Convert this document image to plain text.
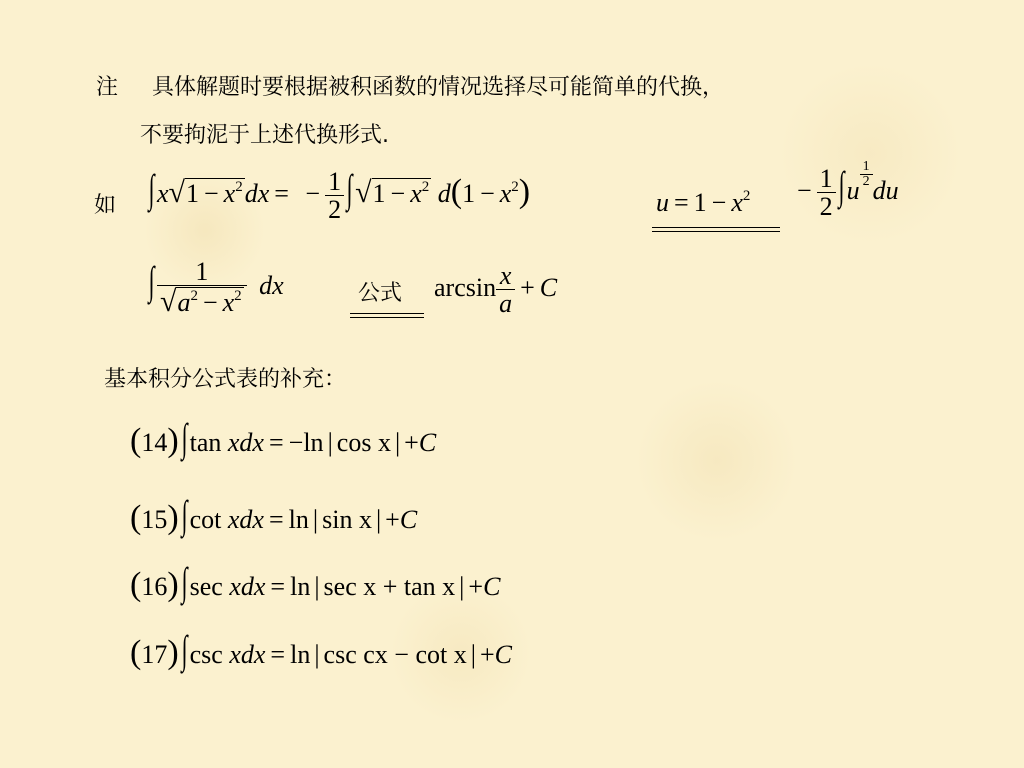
注 具体解题时要根据被积函数的情况选择尽可能简单的代换，
不要拘泥于上述代换形式.
如 $\int x√1 - x^2dx$ = − $\frac{1}{2} \int√1 - x^2$ $d(1 - x^2)$	$u = 1 - x^2 - \frac{1}{2} \int u$
$\frac{1}{2}$
du
∫ $\frac{1}{√a^2 - x^2}$ dx	公式 $\arcsin \frac{x}{a} + C$
基本积分公式表的补充：
(14)∫tan xdx = −ln | cos x | +C
(15)∫cot xdx = ln | sin x | +C
(16)∫sec xdx = ln | sec x + tan x | +C
(17)∫csc xdx = ln | csc cx − cot x | +C
